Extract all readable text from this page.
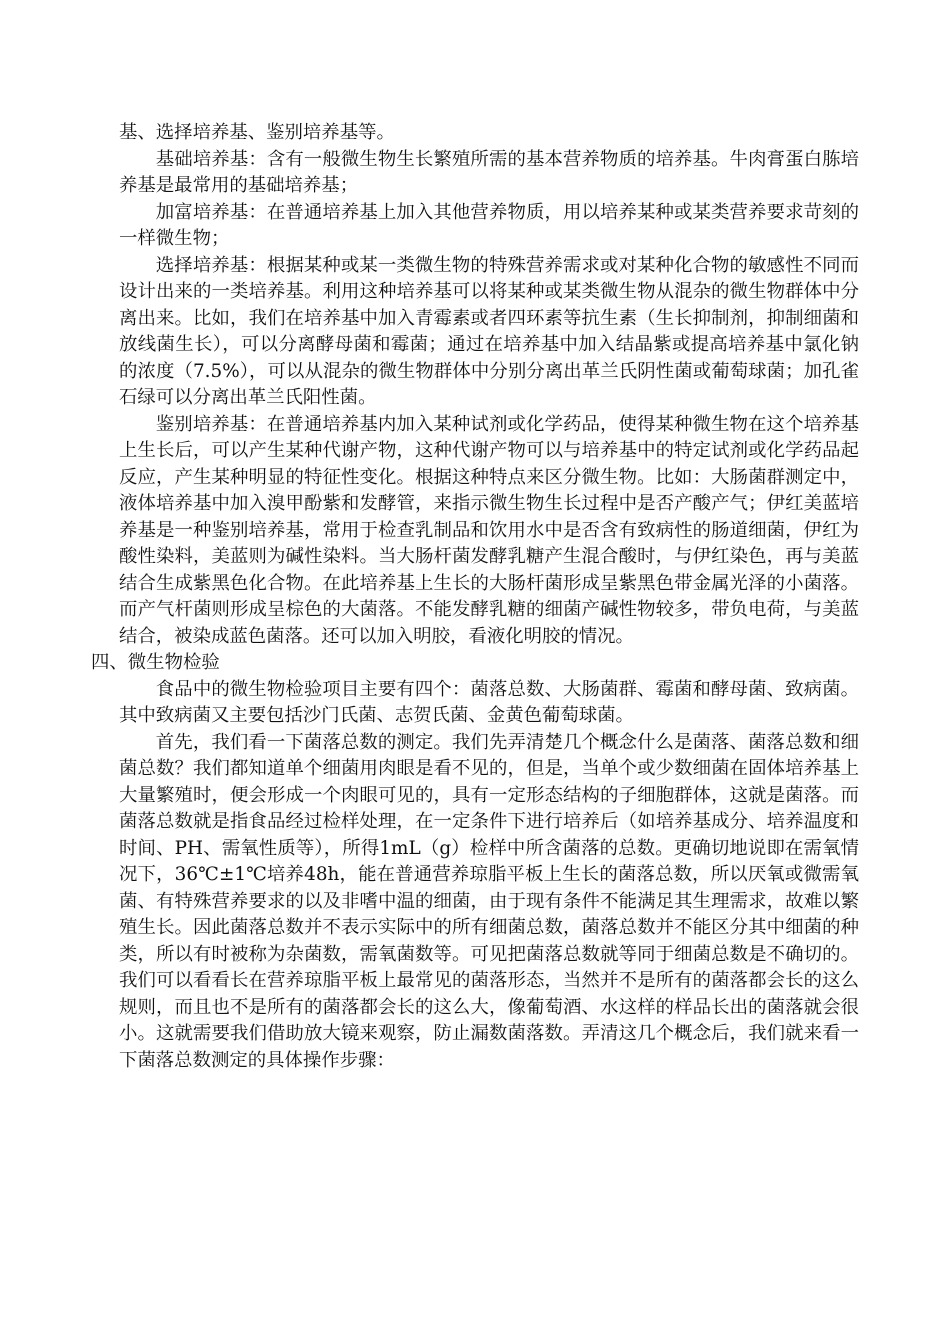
基、选择培养基、鉴别培养基等。

基础培养基：含有一般微生物生长繁殖所需的基本营养物质的培养基。牛肉膏蛋白胨培养基是最常用的基础培养基；

加富培养基：在普通培养基上加入其他营养物质，用以培养某种或某类营养要求苛刻的一样微生物；

选择培养基：根据某种或某一类微生物的特殊营养需求或对某种化合物的敏感性不同而设计出来的一类培养基。利用这种培养基可以将某种或某类微生物从混杂的微生物群体中分离出来。比如，我们在培养基中加入青霉素或者四环素等抗生素（生长抑制剂，抑制细菌和放线菌生长），可以分离酵母菌和霉菌；通过在培养基中加入结晶紫或提高培养基中氯化钠的浓度（7.5%），可以从混杂的微生物群体中分别分离出革兰氏阴性菌或葡萄球菌；加孔雀石绿可以分离出革兰氏阳性菌。

鉴别培养基：在普通培养基内加入某种试剂或化学药品，使得某种微生物在这个培养基上生长后，可以产生某种代谢产物，这种代谢产物可以与培养基中的特定试剂或化学药品起反应，产生某种明显的特征性变化。根据这种特点来区分微生物。比如：大肠菌群测定中，液体培养基中加入溴甲酚紫和发酵管，来指示微生物生长过程中是否产酸产气；伊红美蓝培养基是一种鉴别培养基，常用于检查乳制品和饮用水中是否含有致病性的肠道细菌，伊红为酸性染料，美蓝则为碱性染料。当大肠杆菌发酵乳糖产生混合酸时，与伊红染色，再与美蓝结合生成紫黑色化合物。在此培养基上生长的大肠杆菌形成呈紫黑色带金属光泽的小菌落。而产气杆菌则形成呈棕色的大菌落。不能发酵乳糖的细菌产碱性物较多，带负电荷，与美蓝结合，被染成蓝色菌落。还可以加入明胶，看液化明胶的情况。

四、微生物检验

食品中的微生物检验项目主要有四个：菌落总数、大肠菌群、霉菌和酵母菌、致病菌。其中致病菌又主要包括沙门氏菌、志贺氏菌、金黄色葡萄球菌。

首先，我们看一下菌落总数的测定。我们先弄清楚几个概念什么是菌落、菌落总数和细菌总数？我们都知道单个细菌用肉眼是看不见的，但是，当单个或少数细菌在固体培养基上大量繁殖时，便会形成一个肉眼可见的，具有一定形态结构的子细胞群体，这就是菌落。而菌落总数就是指食品经过检样处理，在一定条件下进行培养后（如培养基成分、培养温度和时间、PH、需氧性质等），所得1mL（g）检样中所含菌落的总数。更确切地说即在需氧情况下，36℃±1℃培养48h，能在普通营养琼脂平板上生长的菌落总数，所以厌氧或微需氧菌、有特殊营养要求的以及非嗜中温的细菌，由于现有条件不能满足其生理需求，故难以繁殖生长。因此菌落总数并不表示实际中的所有细菌总数，菌落总数并不能区分其中细菌的种类，所以有时被称为杂菌数，需氧菌数等。可见把菌落总数就等同于细菌总数是不确切的。我们可以看看长在营养琼脂平板上最常见的菌落形态，当然并不是所有的菌落都会长的这么规则，而且也不是所有的菌落都会长的这么大，像葡萄酒、水这样的样品长出的菌落就会很小。这就需要我们借助放大镜来观察，防止漏数菌落数。弄清这几个概念后，我们就来看一下菌落总数测定的具体操作步骤：
